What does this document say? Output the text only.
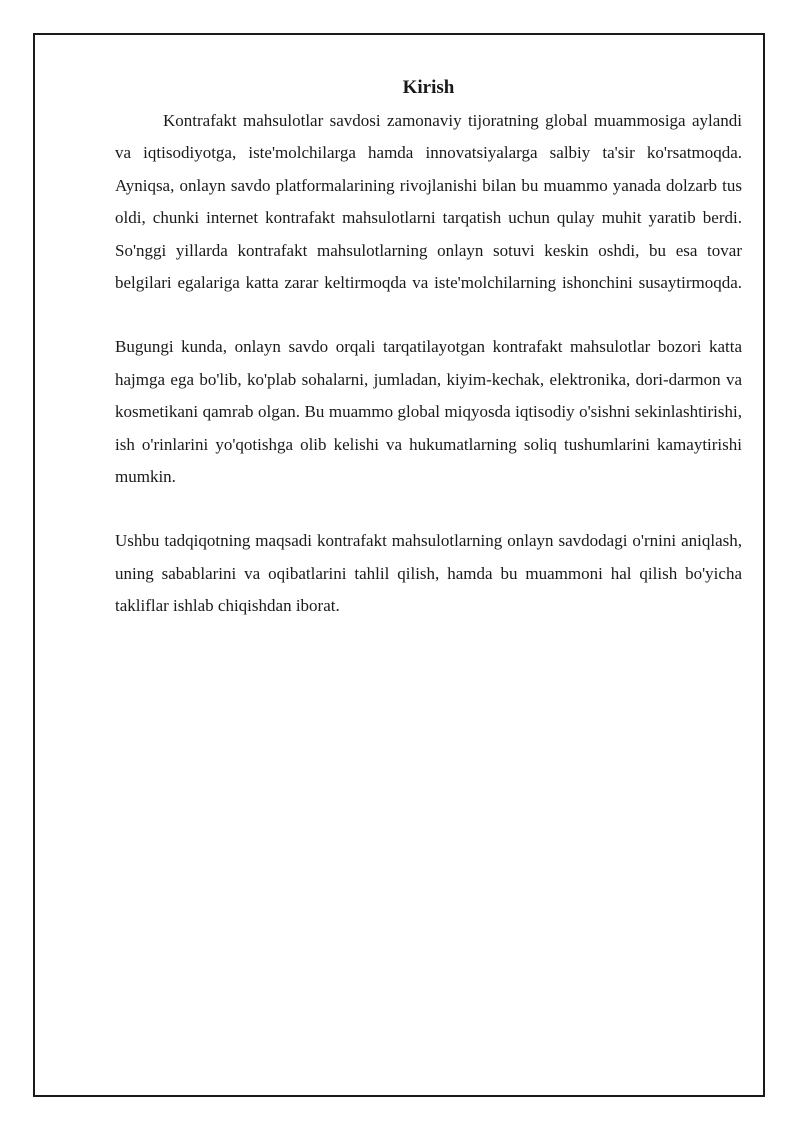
Kirish

Kontrafakt mahsulotlar savdosi zamonaviy tijoratning global muammosiga aylandi va iqtisodiyotga, iste'molchilarga hamda innovatsiyalarga salbiy ta'sir ko'rsatmoqda. Ayniqsa, onlayn savdo platformalarining rivojlanishi bilan bu muammo yanada dolzarb tus oldi, chunki internet kontrafakt mahsulotlarni tarqatish uchun qulay muhit yaratib berdi. So'nggi yillarda kontrafakt mahsulotlarning onlayn sotuvi keskin oshdi, bu esa tovar belgilari egalariga katta zarar keltirmoqda va iste'molchilarning ishonchini susaytirmoqda.

Bugungi kunda, onlayn savdo orqali tarqatilayotgan kontrafakt mahsulotlar bozori katta hajmga ega bo'lib, ko'plab sohalarni, jumladan, kiyim-kechak, elektronika, dori-darmon va kosmetikani qamrab olgan. Bu muammo global miqyosda iqtisodiy o'sishni sekinlashtirishi, ish o'rinlarini yo'qotishga olib kelishi va hukumatlarning soliq tushumlarini kamaytirishi mumkin.

Ushbu tadqiqotning maqsadi kontrafakt mahsulotlarning onlayn savdodagi o'rnini aniqlash, uning sabablarini va oqibatlarini tahlil qilish, hamda bu muammoni hal qilish bo'yicha takliflar ishlab chiqishdan iborat.
